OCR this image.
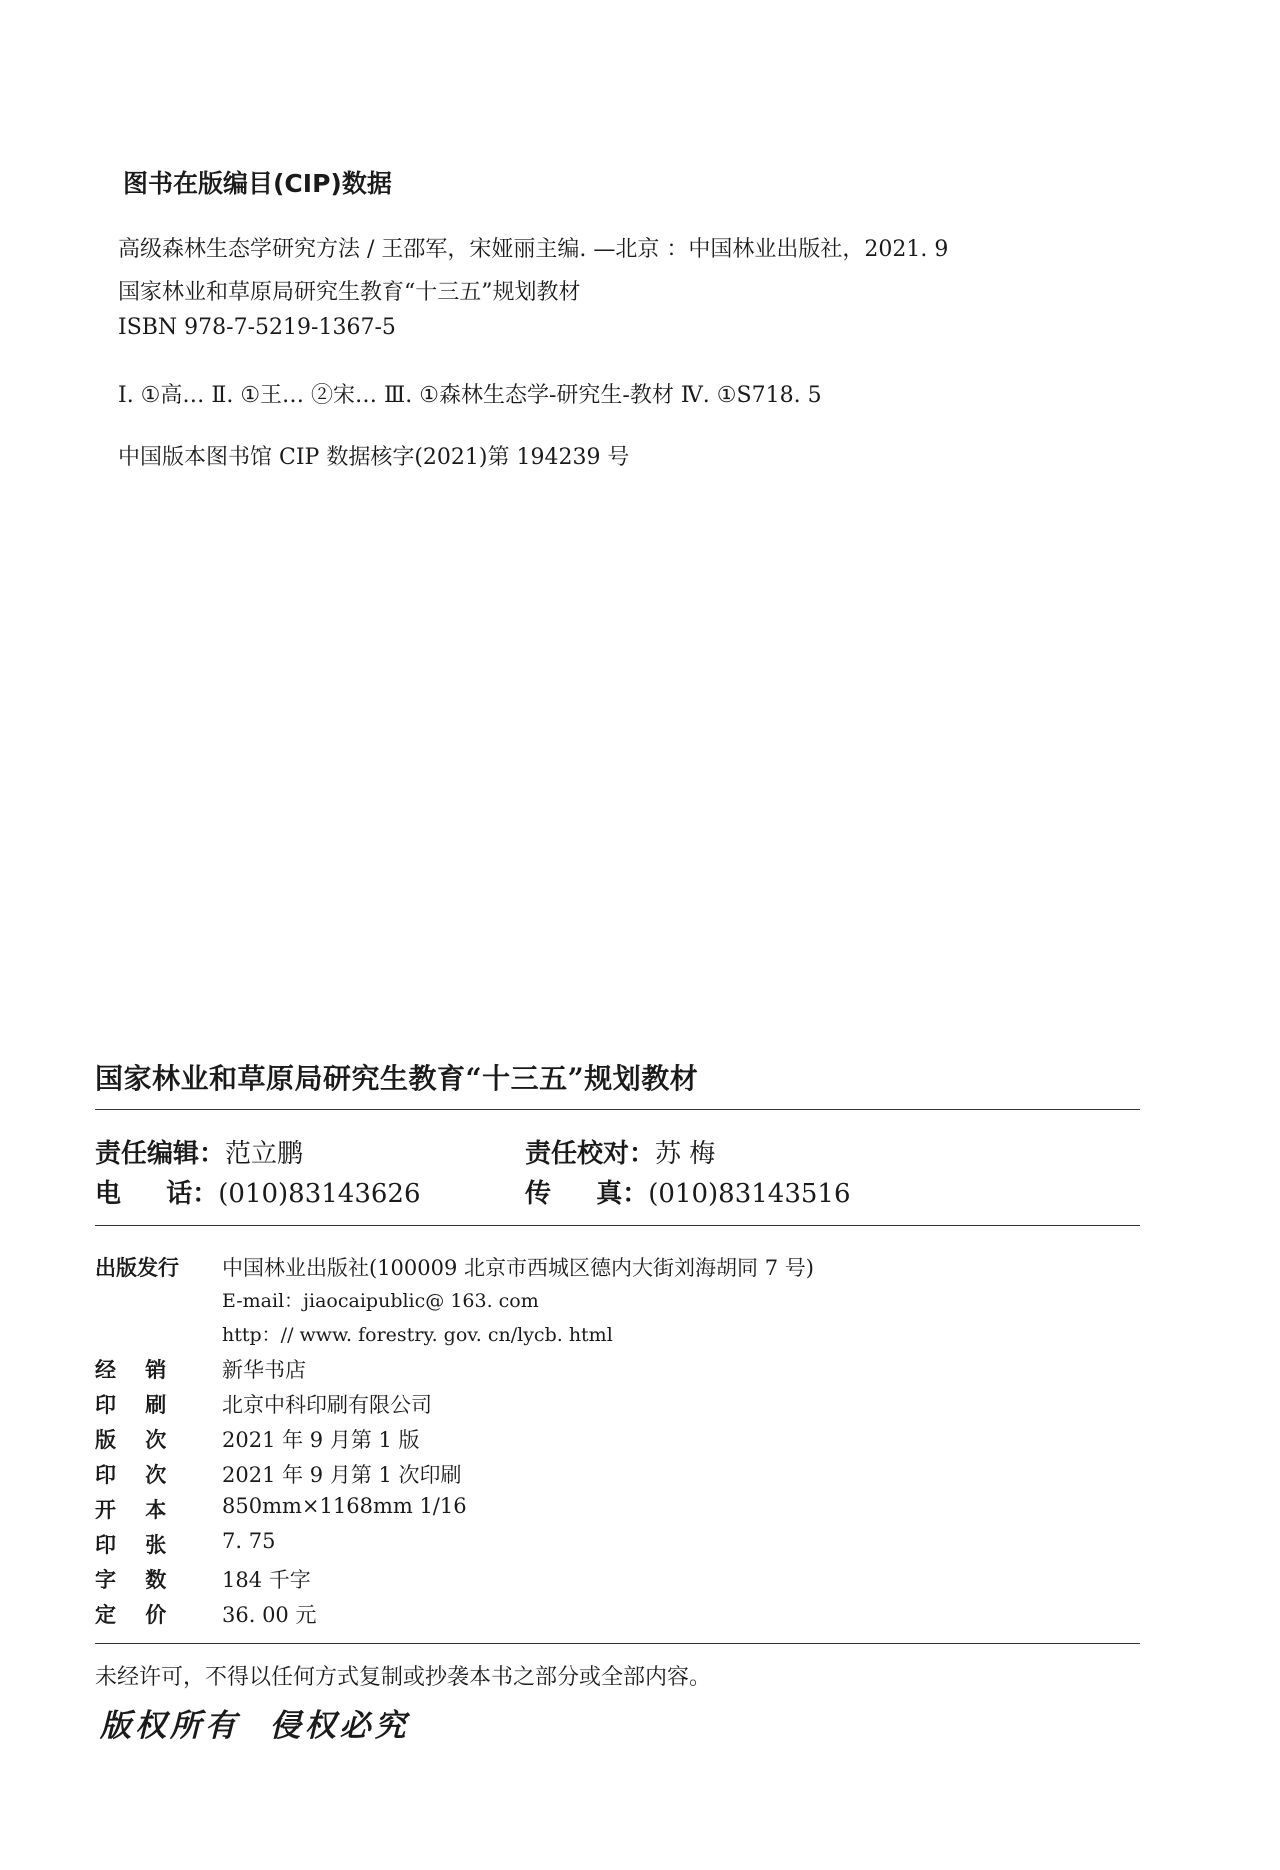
图书在版编目(CIP)数据
高级森林生态学研究方法 / 王邵军，宋娅丽主编. —北京 ：中国林业出版社，2021. 9
国家林业和草原局研究生教育“十三五”规划教材
ISBN 978-7-5219-1367-5
Ⅰ. ①高… Ⅱ. ①王… ②宋… Ⅲ. ①森林生态学-研究生-教材 Ⅳ. ①S718. 5
中国版本图书馆 CIP 数据核字(2021)第 194239 号
国家林业和草原局研究生教育“十三五”规划教材
责任编辑：范立鹏	责任校对：苏 梅
电     话：(010)83143626	传     真：(010)83143516
出版发行 中国林业出版社(100009 北京市西城区德内大街刘海胡同 7 号)
E-mail：jiaocaipublic@ 163. com
http：// www. forestry. gov. cn/lycb. html
经    销	新华书店
印    刷	北京中科印刷有限公司
版    次	2021 年 9 月第 1 版
印    次	2021 年 9 月第 1 次印刷
开    本	850mm×1168mm 1/16
印    张	7. 75
字    数	184 千字
定    价	36. 00 元
未经许可，不得以任何方式复制或抄袭本书之部分或全部内容。
版权所有  侵权必究
